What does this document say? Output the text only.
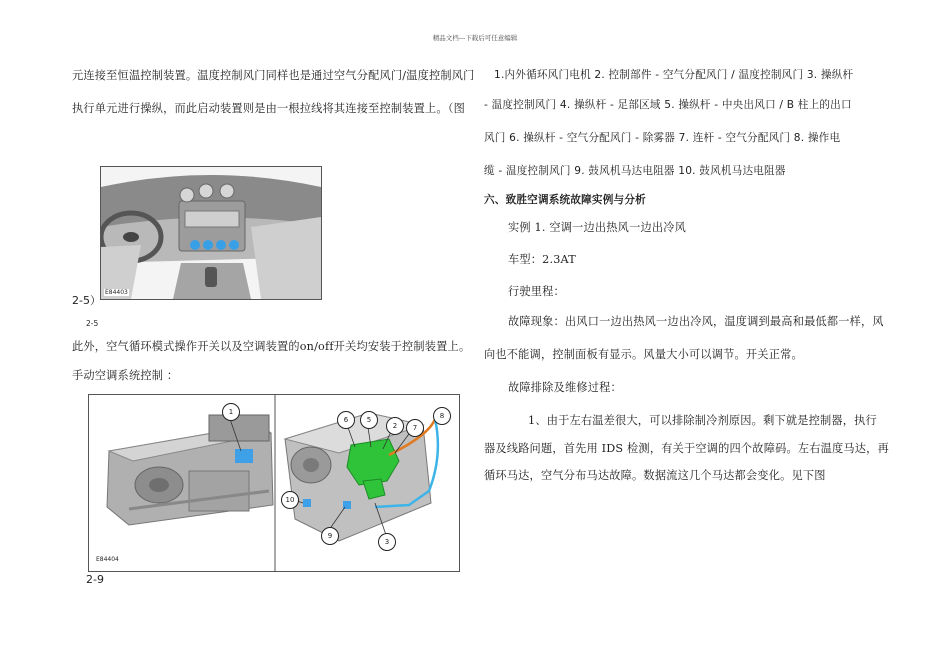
精品文档---下载后可任意编辑
元连接至恒温控制装置。温度控制风门同样也是通过空气分配风门/温度控制风门
执行单元进行操纵，而此启动装置则是由一根拉线将其连接至控制装置上。（图
E84403
2-5）
2-5
此外，空气循环模式操作开关以及空调装置的on/off开关均安装于控制装置上。
手动空调系统控制 ：
1
6	5
2	7
8
10
9
3
E84404
2-9
1.内外循环风门电机 2. 控制部件 - 空气分配风门 / 温度控制风门 3. 操纵杆
- 温度控制风门 4. 操纵杆 - 足部区域 5. 操纵杆 - 中央出风口 / B 柱上的出口
风门 6. 操纵杆 - 空气分配风门 - 除雾器 7. 连杆 - 空气分配风门 8. 操作电
缆 - 温度控制风门 9. 鼓风机马达电阻器 10. 鼓风机马达电阻器
六、致胜空调系统故障实例与分析
实例 1. 空调一边出热风一边出冷风
车型：2.3AT
行驶里程：
故障现象：出风口一边出热风一边出冷风，温度调到最高和最低都一样，风
向也不能调，控制面板有显示。风量大小可以调节。开关正常。
故障排除及维修过程：
1、由于左右温差很大，可以排除制冷剂原因。剩下就是控制器，执行
器及线路问题，首先用 IDS 检测，有关于空调的四个故障码。左右温度马达，再
循环马达，空气分布马达故障。数据流这几个马达都会变化。见下图
